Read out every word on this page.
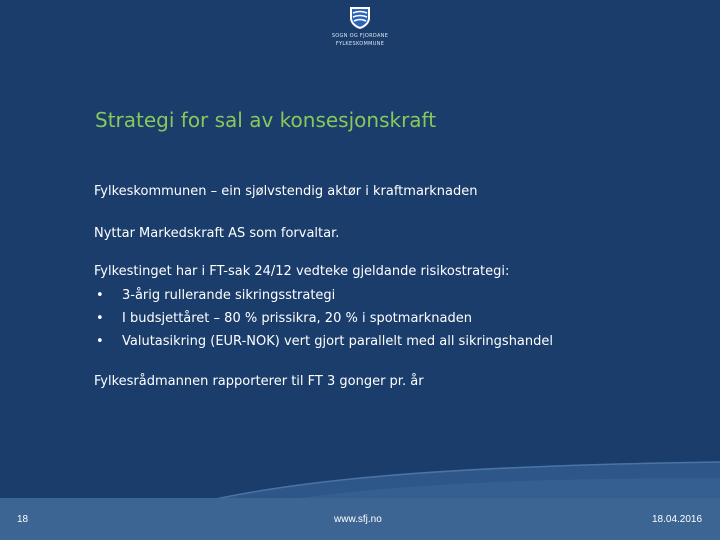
SOGN OG FJORDANE
FYLKESKOMMUNE
Strategi for sal av konsesjonskraft
Fylkeskommunen – ein sjølvstendig aktør i kraftmarknaden
Nyttar Markedskraft AS som forvaltar.
Fylkestinget har i FT-sak 24/12 vedteke gjeldande risikostrategi:
• 3-årig rullerande sikringsstrategi
• I budsjettåret – 80 % prissikra, 20 % i spotmarknaden
• Valutasikring (EUR-NOK) vert gjort parallelt med all sikringshandel
Fylkesrådmannen rapporterer til FT 3 gonger pr. år
18	www.sfj.no	18.04.2016
